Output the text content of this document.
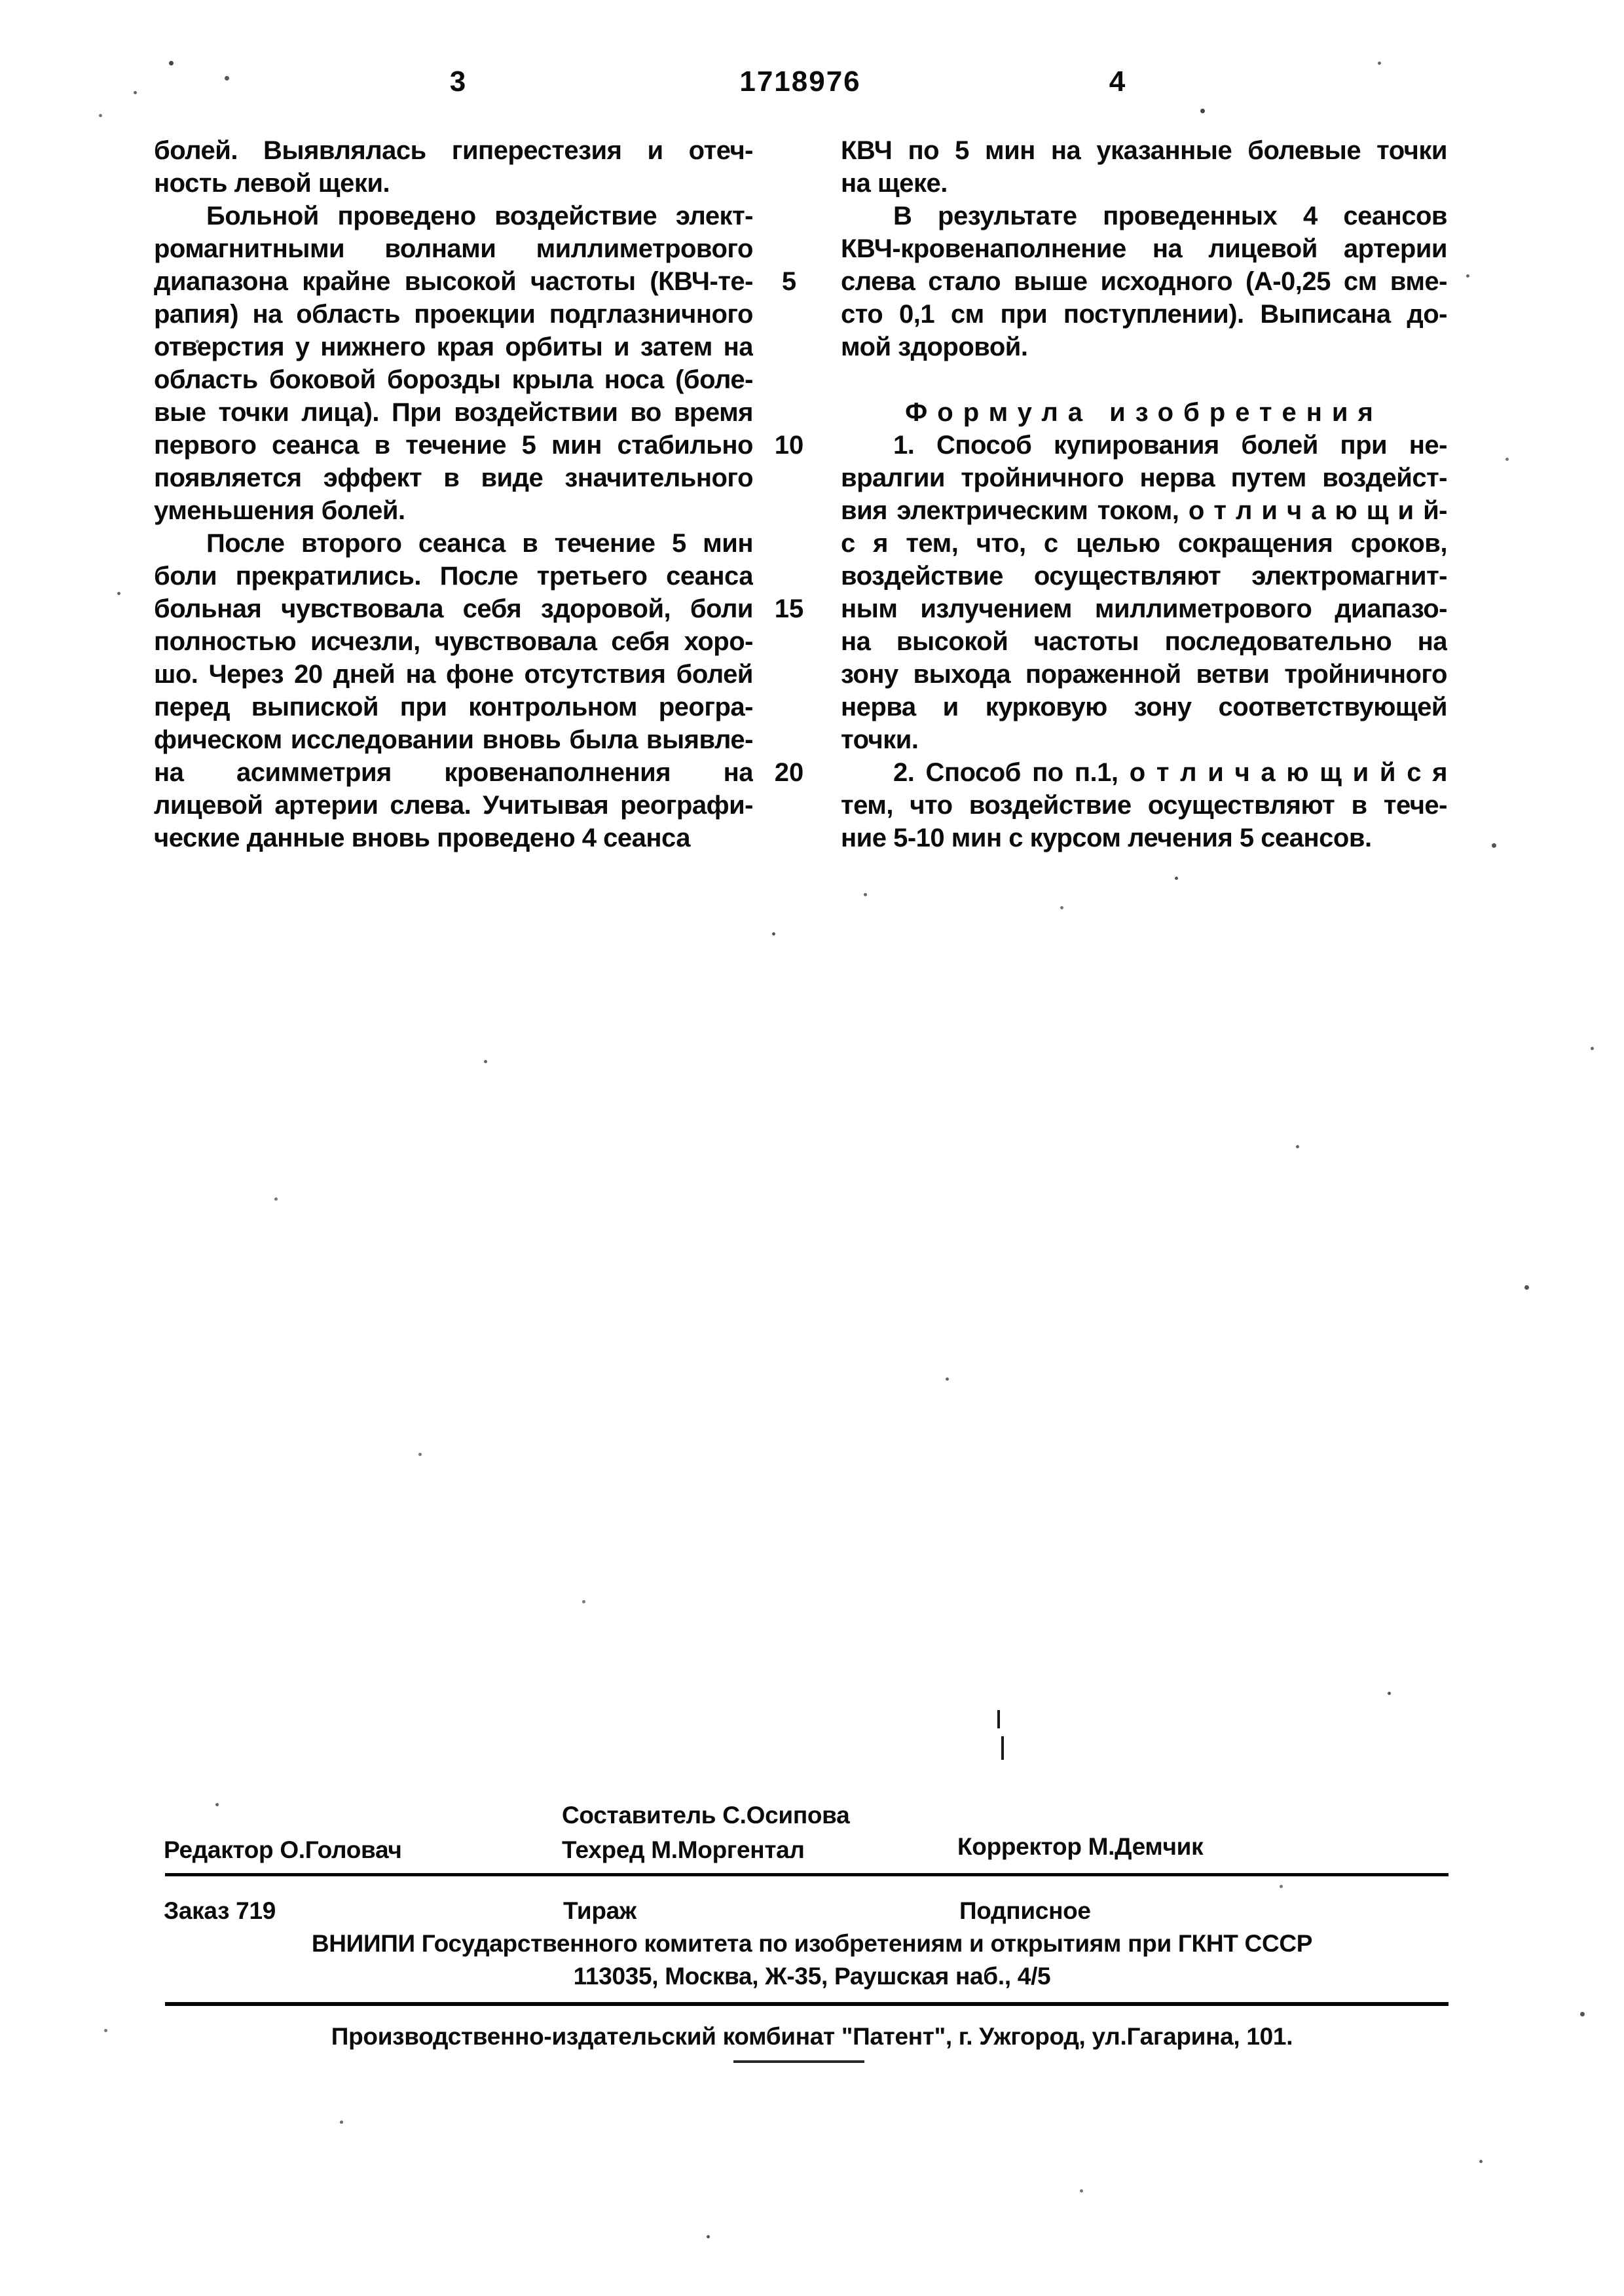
3	1718976	4
болей. Выявлялась гиперестезия и отеч-
ность левой щеки.
Больной проведено воздействие элект-
ромагнитными волнами миллиметрового
диапазона крайне высокой частоты (КВЧ-те-
рапия) на область проекции подглазничного
отверстия у нижнего края орбиты и затем на
область боковой борозды крыла носа (боле-
вые точки лица). При воздействии во время
первого сеанса в течение 5 мин стабильно
появляется эффект в виде значительного
уменьшения болей.
После второго сеанса в течение 5 мин
боли прекратились. После третьего сеанса
больная чувствовала себя здоровой, боли
полностью исчезли, чувствовала себя хоро-
шо. Через 20 дней на фоне отсутствия болей
перед выпиской при контрольном реогра-
фическом исследовании вновь была выявле-
на асимметрия кровенаполнения на
лицевой артерии слева. Учитывая реографи-
ческие данные вновь проведено 4 сеанса
КВЧ по 5 мин на указанные болевые точки
на щеке.
В результате проведенных 4 сеансов
КВЧ-кровенаполнение на лицевой артерии
слева стало выше исходного (А-0,25 см вме-
сто 0,1 см при поступлении). Выписана до-
мой здоровой.
Формула изобретения
1. Способ купирования болей при не-
вралгии тройничного нерва путем воздейст-
вия электрическим током, о т л и ч а ю щ и й-
с я тем, что, с целью сокращения сроков,
воздействие осуществляют электромагнит-
ным излучением миллиметрового диапазо-
на высокой частоты последовательно на
зону выхода пораженной ветви тройничного
нерва и курковую зону соответствующей
точки.
2. Способ по п.1, о т л и ч а ю щ и й с я
тем, что воздействие осуществляют в тече-
ние 5-10 мин с курсом лечения 5 сеансов.
5
10
15
20
Составитель С.Осипова
Редактор О.Головач	Техред М.Моргентал	Корректор М.Демчик
Заказ 719	Тираж	Подписное
ВНИИПИ Государственного комитета по изобретениям и открытиям при ГКНТ СССР
113035, Москва, Ж-35, Раушская наб., 4/5
Производственно-издательский комбинат "Патент", г. Ужгород, ул.Гагарина, 101.
